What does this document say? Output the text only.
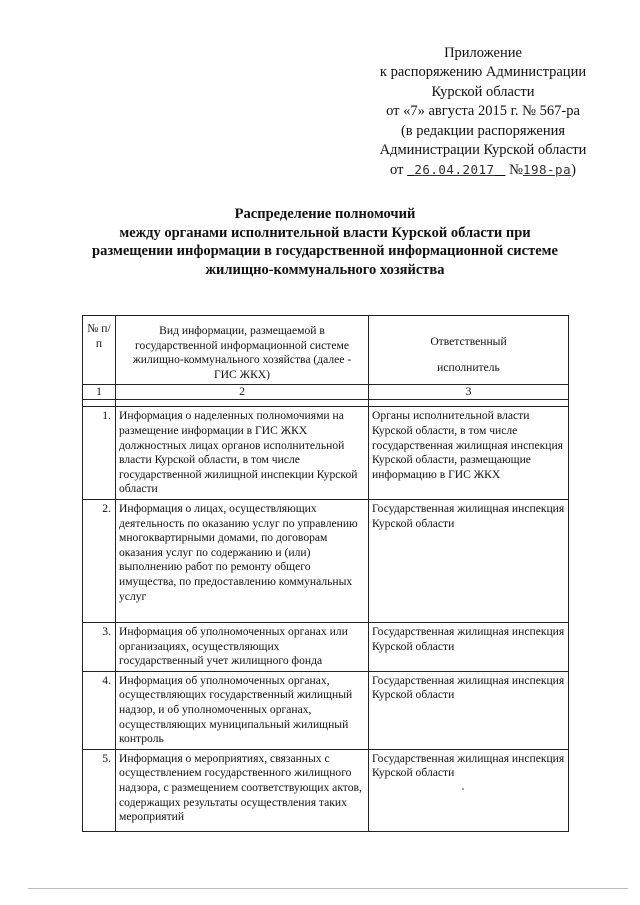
Приложение
к распоряжению Администрации
Курской области
от «7» августа 2015 г. № 567-ра
(в редакции распоряжения
Администрации Курской области
от 26.04.2017 №198-ра)
Распределение полномочий
между органами исполнительной власти Курской области при
размещении информации в государственной информационной системе
жилищно-коммунального хозяйства
№ п/п	Вид информации, размещаемой в государственной информационной системе жилищно-коммунального хозяйства (далее - ГИС ЖКХ)	Ответственный
исполнитель

1	2	3

1.	Информация о наделенных полномочиями на размещение информации в ГИС ЖКХ должностных лицах органов исполнительной власти Курской области, в том числе государственной жилищной инспекции Курской области	Органы исполнительной власти Курской области, в том числе государственная жилищная инспекция Курской области, размещающие информацию в ГИС ЖКХ
2.	Информация о лицах, осуществляющих деятельность по оказанию услуг по управлению многоквартирными домами, по договорам оказания услуг по содержанию и (или) выполнению работ по ремонту общего имущества, по предоставлению коммунальных услуг	Государственная жилищная инспекция Курской области
3.	Информация об уполномоченных органах или организациях, осуществляющих государственный учет жилищного фонда	Государственная жилищная инспекция Курской области
4.	Информация об уполномоченных органах, осуществляющих государственный жилищный надзор, и об уполномоченных органах, осуществляющих муниципальный жилищный контроль	Государственная жилищная инспекция Курской области
5.	Информация о мероприятиях, связанных с осуществлением государственного жилищного надзора, с размещением соответствующих актов, содержащих результаты осуществления таких мероприятий	Государственная жилищная инспекция Курской области
